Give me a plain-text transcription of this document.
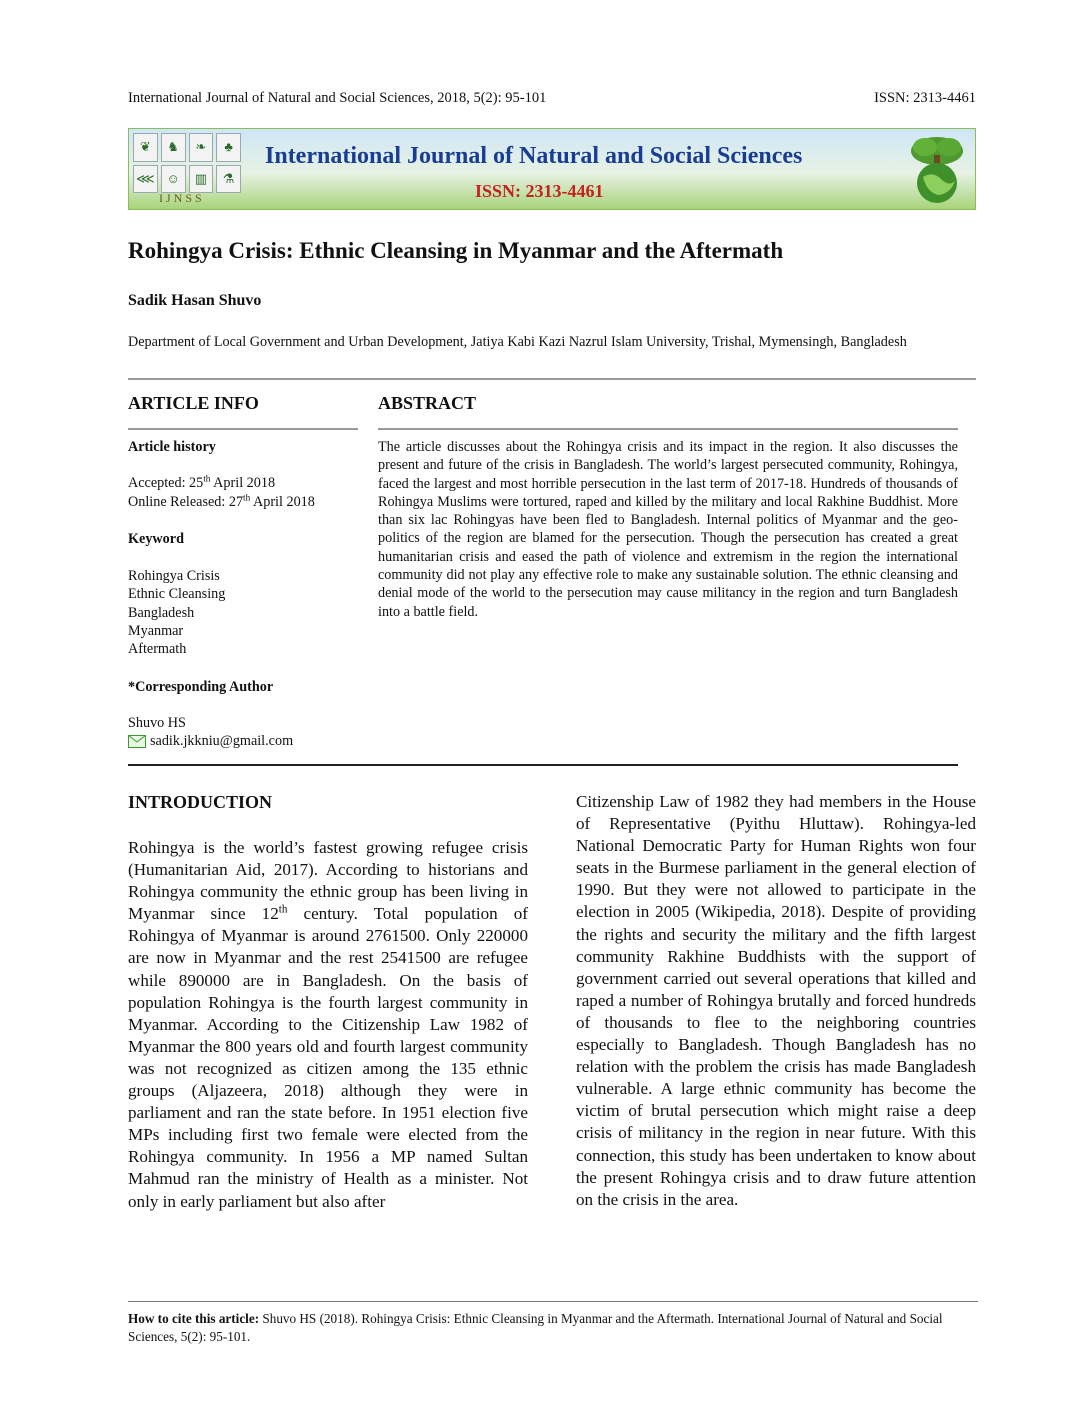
International Journal of Natural and Social Sciences, 2018, 5(2): 95-101	ISSN: 2313-4461
❦	♞	❧	♣
⋘ ☺	▥	⚗
IJNSS
International Journal of Natural and Social Sciences
ISSN: 2313-4461
Rohingya Crisis: Ethnic Cleansing in Myanmar and the Aftermath
Sadik Hasan Shuvo
Department of Local Government and Urban Development, Jatiya Kabi Kazi Nazrul Islam University, Trishal, Mymensingh, Bangladesh
ARTICLE INFO
Article history
Accepted: 25th April 2018
Online Released: 27th April 2018
Keyword
Rohingya Crisis
Ethnic Cleansing
Bangladesh
Myanmar
Aftermath
*Corresponding Author
Shuvo HS
sadik.jkkniu@gmail.com
ABSTRACT
The article discusses about the Rohingya crisis and its impact in the region. It also discusses the present and future of the crisis in Bangladesh. The world’s largest persecuted community, Rohingya, faced the largest and most horrible persecution in the last term of 2017-18. Hundreds of thousands of Rohingya Muslims were tortured, raped and killed by the military and local Rakhine Buddhist. More than six lac Rohingyas have been fled to Bangladesh. Internal politics of Myanmar and the geo-politics of the region are blamed for the persecution. Though the persecution has created a great humanitarian crisis and eased the path of violence and extremism in the region the international community did not play any effective role to make any sustainable solution. The ethnic cleansing and denial mode of the world to the persecution may cause militancy in the region and turn Bangladesh into a battle field.
INTRODUCTION

Rohingya is the world’s fastest growing refugee crisis (Humanitarian Aid, 2017). According to historians and Rohingya community the ethnic group has been living in Myanmar since 12th century. Total population of Rohingya of Myanmar is around 2761500. Only 220000 are now in Myanmar and the rest 2541500 are refugee while 890000 are in Bangladesh. On the basis of population Rohingya is the fourth largest community in Myanmar. According to the Citizenship Law 1982 of Myanmar the 800 years old and fourth largest community was not recognized as citizen among the 135 ethnic groups (Aljazeera, 2018) although they were in parliament and ran the state before. In 1951 election five MPs including first two female were elected from the Rohingya community. In 1956 a MP named Sultan Mahmud ran the ministry of Health as a minister. Not only in early parliament but also after

Citizenship Law of 1982 they had members in the House of Representative (Pyithu Hluttaw). Rohingya-led National Democratic Party for Human Rights won four seats in the Burmese parliament in the general election of 1990. But they were not allowed to participate in the election in 2005 (Wikipedia, 2018). Despite of providing the rights and security the military and the fifth largest community Rakhine Buddhists with the support of government carried out several operations that killed and raped a number of Rohingya brutally and forced hundreds of thousands to flee to the neighboring countries especially to Bangladesh. Though Bangladesh has no relation with the problem the crisis has made Bangladesh vulnerable. A large ethnic community has become the victim of brutal persecution which might raise a deep crisis of militancy in the region in near future. With this connection, this study has been undertaken to know about the present Rohingya crisis and to draw future attention on the crisis in the area.

How to cite this article: Shuvo HS (2018). Rohingya Crisis: Ethnic Cleansing in Myanmar and the Aftermath. International Journal of Natural and Social Sciences, 5(2): 95-101.
